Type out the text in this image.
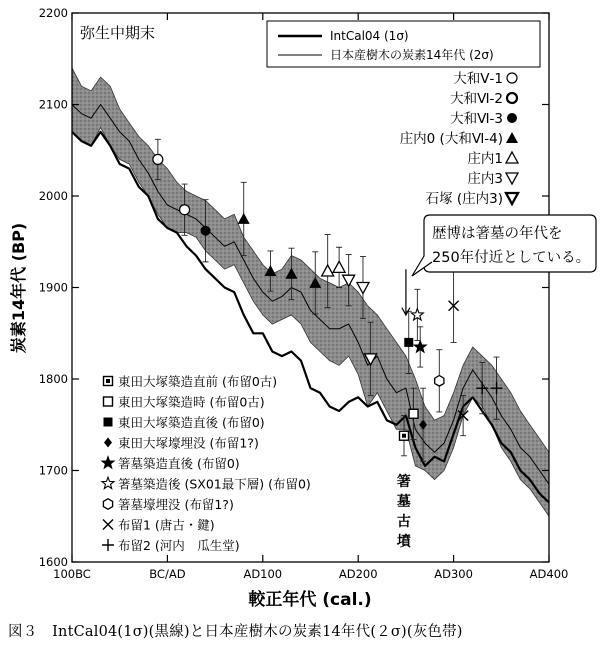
100BC	BC/AD	AD100	AD200	AD300	AD400
1600
1700
1800
1900
2000
2100
2200
弥生中期末	IntCal04 (1σ)
日本産樹木の炭素14年代 (2σ)
大和Ⅴ-1
大和Ⅵ-2
大和Ⅵ-3
庄内0 (大和Ⅵ-4)
庄内1
庄内3
石塚 (庄内3)
東田大塚築造直前 (布留0古)
東田大塚築造時 (布留0古)
東田大塚築造直後 (布留0)
東田大塚壕埋没 (布留1?)
箸墓築造直後 (布留0)
箸墓築造後 (SX01最下層) (布留0)
箸墓壕埋没 (布留1?)
布留1 (唐古・鍵)
布留2 (河内　瓜生堂)
歴博は箸墓の年代を
250年付近としている。
箸
墓
古
墳
較正年代 (cal.)
炭素14年代 (BP)
図３　IntCal04(1σ)(黒線)と日本産樹木の炭素14年代(２σ)(灰色帯)
